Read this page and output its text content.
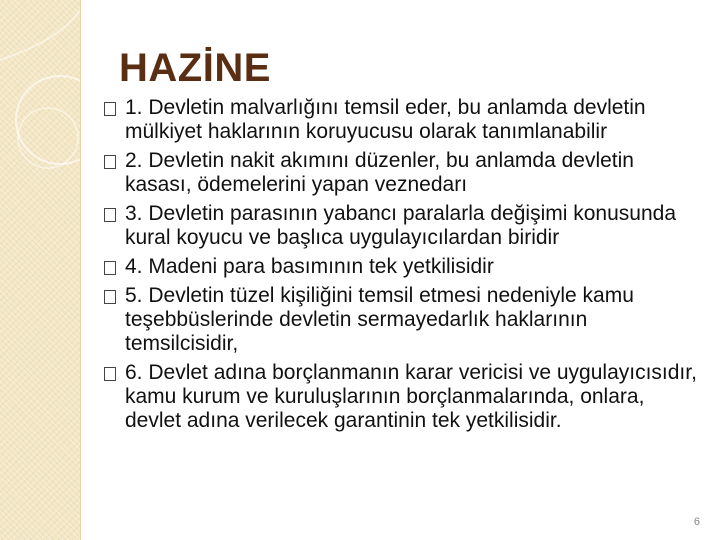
HAZİNE
1. Devletin malvarlığını temsil eder, bu anlamda devletin mülkiyet haklarının koruyucusu olarak tanımlanabilir
2. Devletin nakit akımını düzenler, bu anlamda devletin kasası, ödemelerini yapan veznedarı
3. Devletin parasının yabancı paralarla değişimi konusunda kural koyucu ve başlıca uygulayıcılardan biridir
4. Madeni para basımının tek yetkilisidir
5. Devletin tüzel kişiliğini temsil etmesi nedeniyle kamu teşebbüslerinde devletin sermayedarlık haklarının temsilcisidir,
6. Devlet adına borçlanmanın karar vericisi ve uygulayıcısıdır, kamu kurum ve kuruluşlarının borçlanmalarında, onlara, devlet adına verilecek garantinin tek yetkilisidir.
6
